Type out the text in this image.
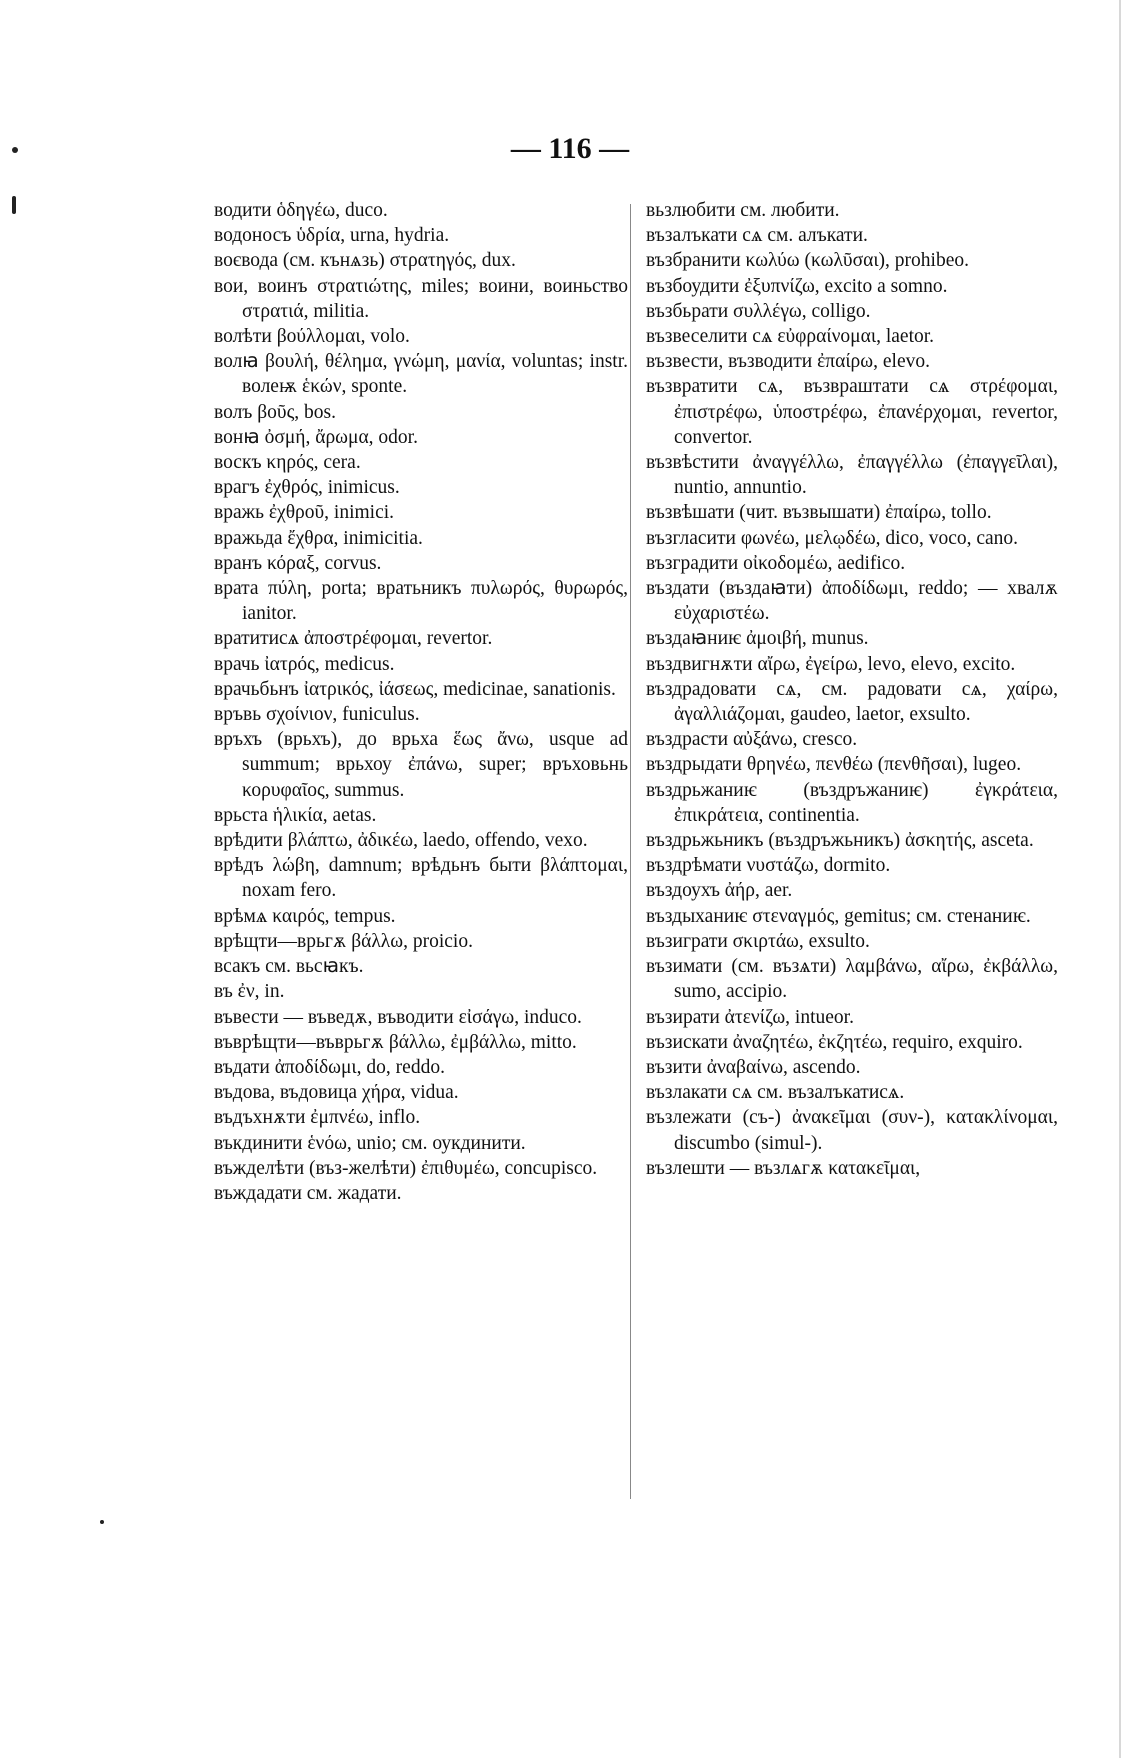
— 116 —

водити ὁδηγέω, duco.

водоносъ ὑδρία, urna, hydria.

воєвода (см. кънѧзь) στρατηγός, dux.

вои, воинъ στρατιώτης, miles; воини, воиньство στρατιά, militia.

волѣти βούλλομαι, volo.

волꙗ βουλή, θέλημα, γνώμη, μανία, voluntas; instr. волеѭ ἑκών, sponte.

волъ βοῦς, bos.

вонꙗ ὀσμή, ἄρωμα, odor.

воскъ κηρός, cera.

врагъ ἐχθρός, inimicus.

вражь ἐχθροῦ, inimici.

вражьда ἔχθρα, inimicitia.

вранъ κόραξ, corvus.

врата πύλη, porta; вратьникъ πυλωρός, θυρωρός, ianitor.

вратитисѧ ἀποστρέφομαι, revertor.

врачь ἰατρός, medicus.

врачьбьнъ ἰατρικός, ἰάσεως, medicinae, sanationis.

връвь σχοίνιον, funiculus.

връхъ (врьхъ), до врьха ἕως ἄνω, usque ad summum; врьхоу ἐπάνω, super; връховьнь κορυφαῖος, summus.

врьста ἡλικία, aetas.

врѣдити βλάπτω, ἀδικέω, laedo, offendo, vexo.

врѣдъ λώβη, damnum; врѣдьнъ быти βλάπτομαι, noxam fero.

врѣмѧ καιρός, tempus.

врѣщти—врьгѫ βάλλω, proicio.

всакъ см. вьсꙗкъ.

въ ἐν, in.

въвести — въведѫ, въводити εἰσάγω, induco.

въврѣщти—въврьгѫ βάλλω, ἐμβάλλω, mitto.

въдати ἀποδίδωμι, do, reddo.

въдова, въдовица χήρα, vidua.

въдъхнѫти ἐμπνέω, inflo.

въкдинити ἑνόω, unio; см. оукдинити.

въжделѣти (въз-желѣти) ἐπιθυμέω, concupisco.

въждадати см. жадати.

вьзлюбити см. любити.

възалъкати сѧ см. алъкати.

възбранити κωλύω (κωλῦσαι), prohibeo.

възбоудити ἐξυπνίζω, excito a somno.

възбьрати συλλέγω, colligo.

възвеселити сѧ εὐφραίνομαι, laetor.

възвести, възводити ἐπαίρω, elevo.

възвратити сѧ, възвраштати сѧ στρέφομαι, ἐπιστρέφω, ὑποστρέφω, ἐπανέρχομαι, revertor, convertor.

възвѣстити ἀναγγέλλω, ἐπαγγέλλω (ἐπαγγεῖλαι), nuntio, annuntio.

възвѣшати (чит. възвышати) ἐπαίρω, tollo.

възгласити φωνέω, μελῳδέω, dico, voco, cano.

възградити οἰκοδομέω, aedifico.

въздати (въздаꙗти) ἀποδίδωμι, reddo; — хвалѫ εὐχαριστέω.

въздаꙗниѥ ἀμοιβή, munus.

въздвигнѫти αἴρω, ἐγείρω, levo, elevo, excito.

въздрадовати сѧ, см. радовати сѧ, χαίρω, ἀγαλλιάζομαι, gaudeo, laetor, exsulto.

въздрасти αὐξάνω, cresco.

въздрыдати θρηνέω, πενθέω (πενθῆσαι), lugeo.

въздрьжаниѥ (въздръжаниѥ) ἐγκράτεια, ἐπικράτεια, continentia.

въздрьжьникъ (въздръжьникъ) ἀσκητής, asceta.

въздрѣмати νυστάζω, dormito.

въздоухъ ἀήρ, aer.

въздыханиѥ στεναγμός, gemitus; см. стенаниѥ.

възиграти σκιρτάω, exsulto.

възимати (см. възѧти) λαμβάνω, αἴρω, ἐκβάλλω, sumo, accipio.

възирати ἀτενίζω, intueor.

възискати ἀναζητέω, ἐκζητέω, requiro, exquiro.

възити ἀναβαίνω, ascendo.

възлакати сѧ см. възалъкатисѧ.

възлежати (съ-) ἀνακεῖμαι (συν-), κατακλίνομαι, discumbo (simul-).

възлешти — възлѧгѫ κατακεῖμαι,
